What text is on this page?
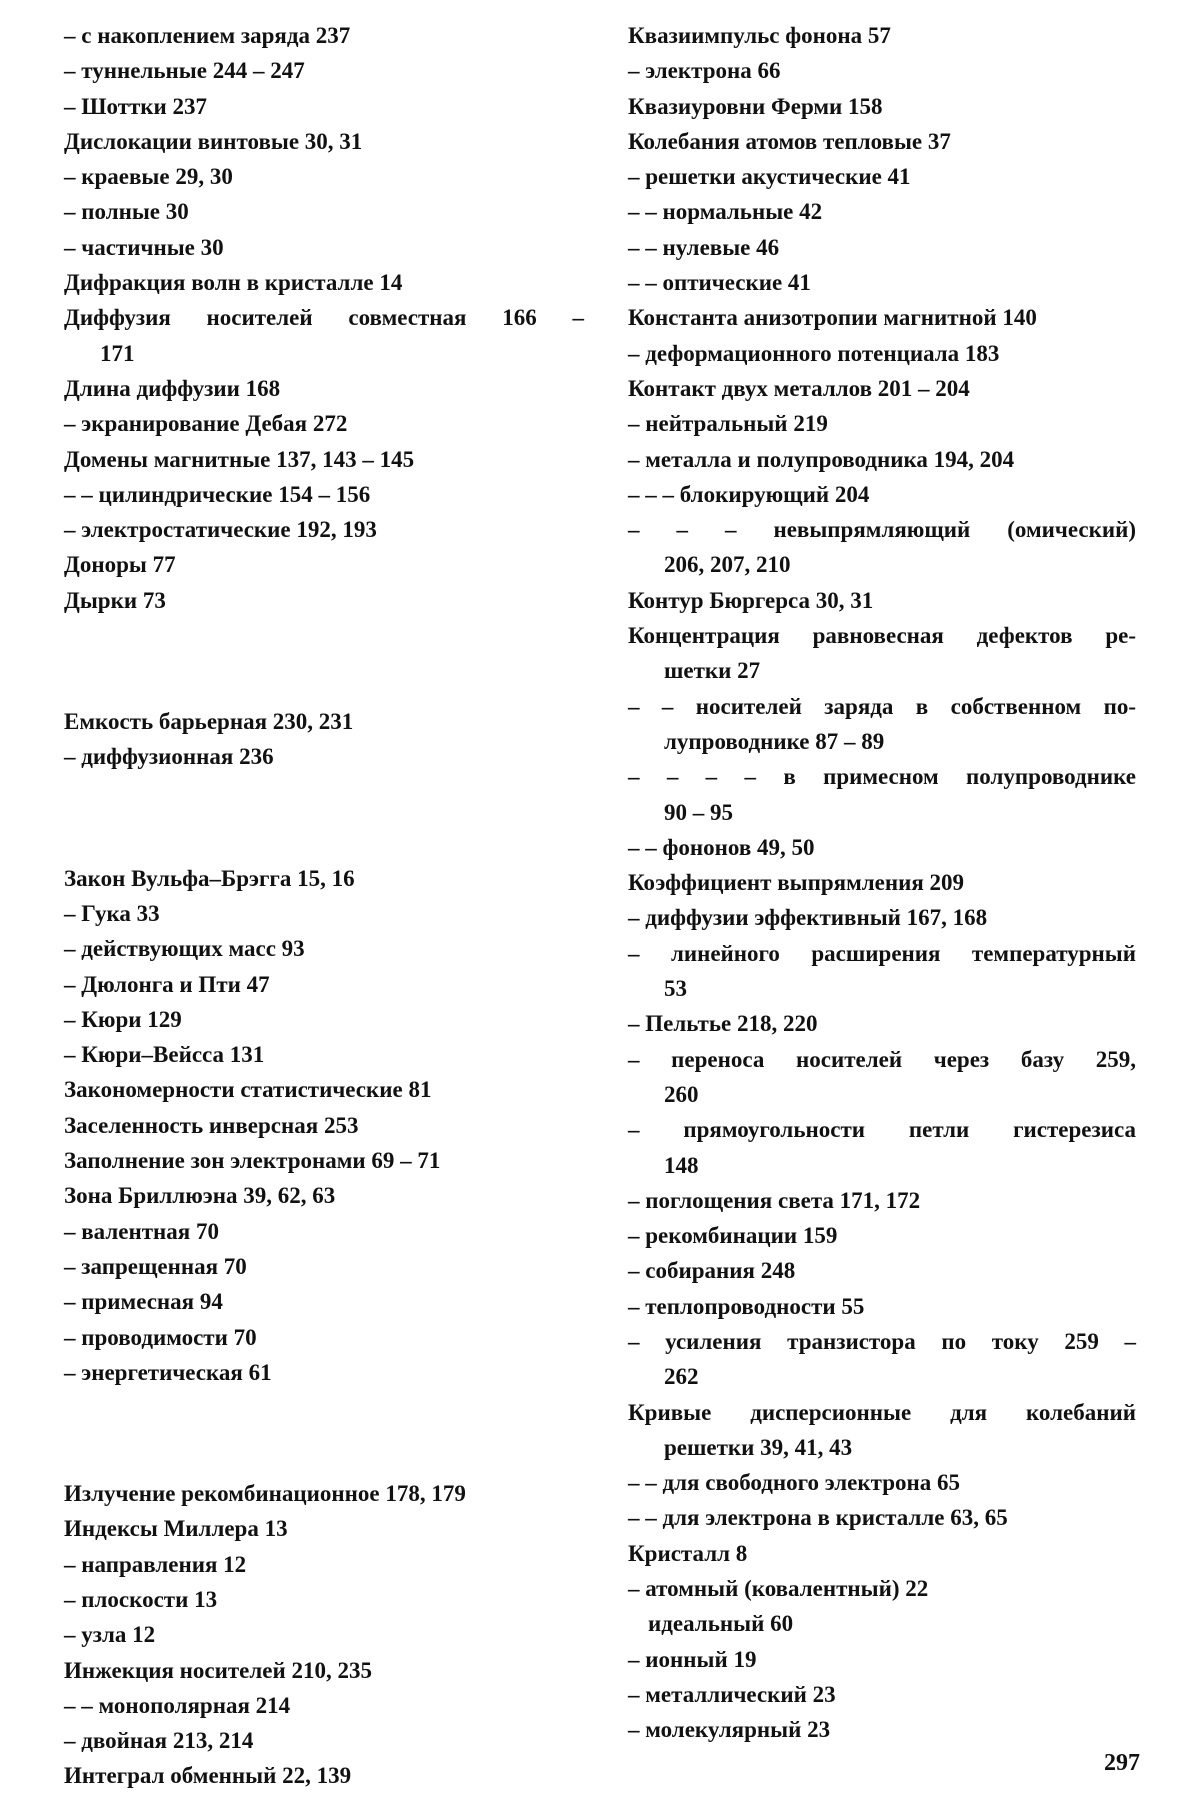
– с накоплением заряда 237
– туннельные 244 – 247
– Шоттки 237
Дислокации винтовые 30, 31
– краевые 29, 30
– полные 30
– частичные 30
Дифракция волн в кристалле 14
Диффузия носителей совместная 166 –
171
Длина диффузии 168
– экранирование Дебая 272
Домены магнитные 137, 143 – 145
– – цилиндрические 154 – 156
– электростатические 192, 193
Доноры 77
Дырки 73
Емкость барьерная 230, 231
– диффузионная 236
Закон Вульфа–Брэгга 15, 16
– Гука 33
– действующих масс 93
– Дюлонга и Пти 47
– Кюри 129
– Кюри–Вейсса 131
Закономерности статистические 81
Заселенность инверсная 253
Заполнение зон электронами 69 – 71
Зона Бриллюэна 39, 62, 63
– валентная 70
– запрещенная 70
– примесная 94
– проводимости 70
– энергетическая 61
Излучение рекомбинационное 178, 179
Индексы Миллера 13
– направления 12
– плоскости 13
– узла 12
Инжекция носителей 210, 235
– – монополярная 214
– двойная 213, 214
Интеграл обменный 22, 139
Квазиимпульс фонона 57
– электрона 66
Квазиуровни Ферми 158
Колебания атомов тепловые 37
– решетки акустические 41
– – нормальные 42
– – нулевые 46
– – оптические 41
Константа анизотропии магнитной 140
– деформационного потенциала 183
Контакт двух металлов 201 – 204
– нейтральный 219
– металла и полупроводника 194, 204
– – – блокирующий 204
– – – невыпрямляющий (омический)
206, 207, 210
Контур Бюргерса 30, 31
Концентрация равновесная дефектов ре-
шетки 27
– – носителей заряда в собственном по-
лупроводнике 87 – 89
– – – – в примесном полупроводнике
90 – 95
– – фононов 49, 50
Коэффициент выпрямления 209
– диффузии эффективный 167, 168
– линейного расширения температурный
53
– Пельтье 218, 220
– переноса носителей через базу 259,
260
– прямоугольности петли гистерезиса
148
– поглощения света 171, 172
– рекомбинации 159
– собирания 248
– теплопроводности 55
– усиления транзистора по току 259 –
262
Кривые дисперсионные для колебаний
решетки 39, 41, 43
– – для свободного электрона 65
– – для электрона в кристалле 63, 65
Кристалл 8
– атомный (ковалентный) 22
идеальный 60
– ионный 19
– металлический 23
– молекулярный 23
297
